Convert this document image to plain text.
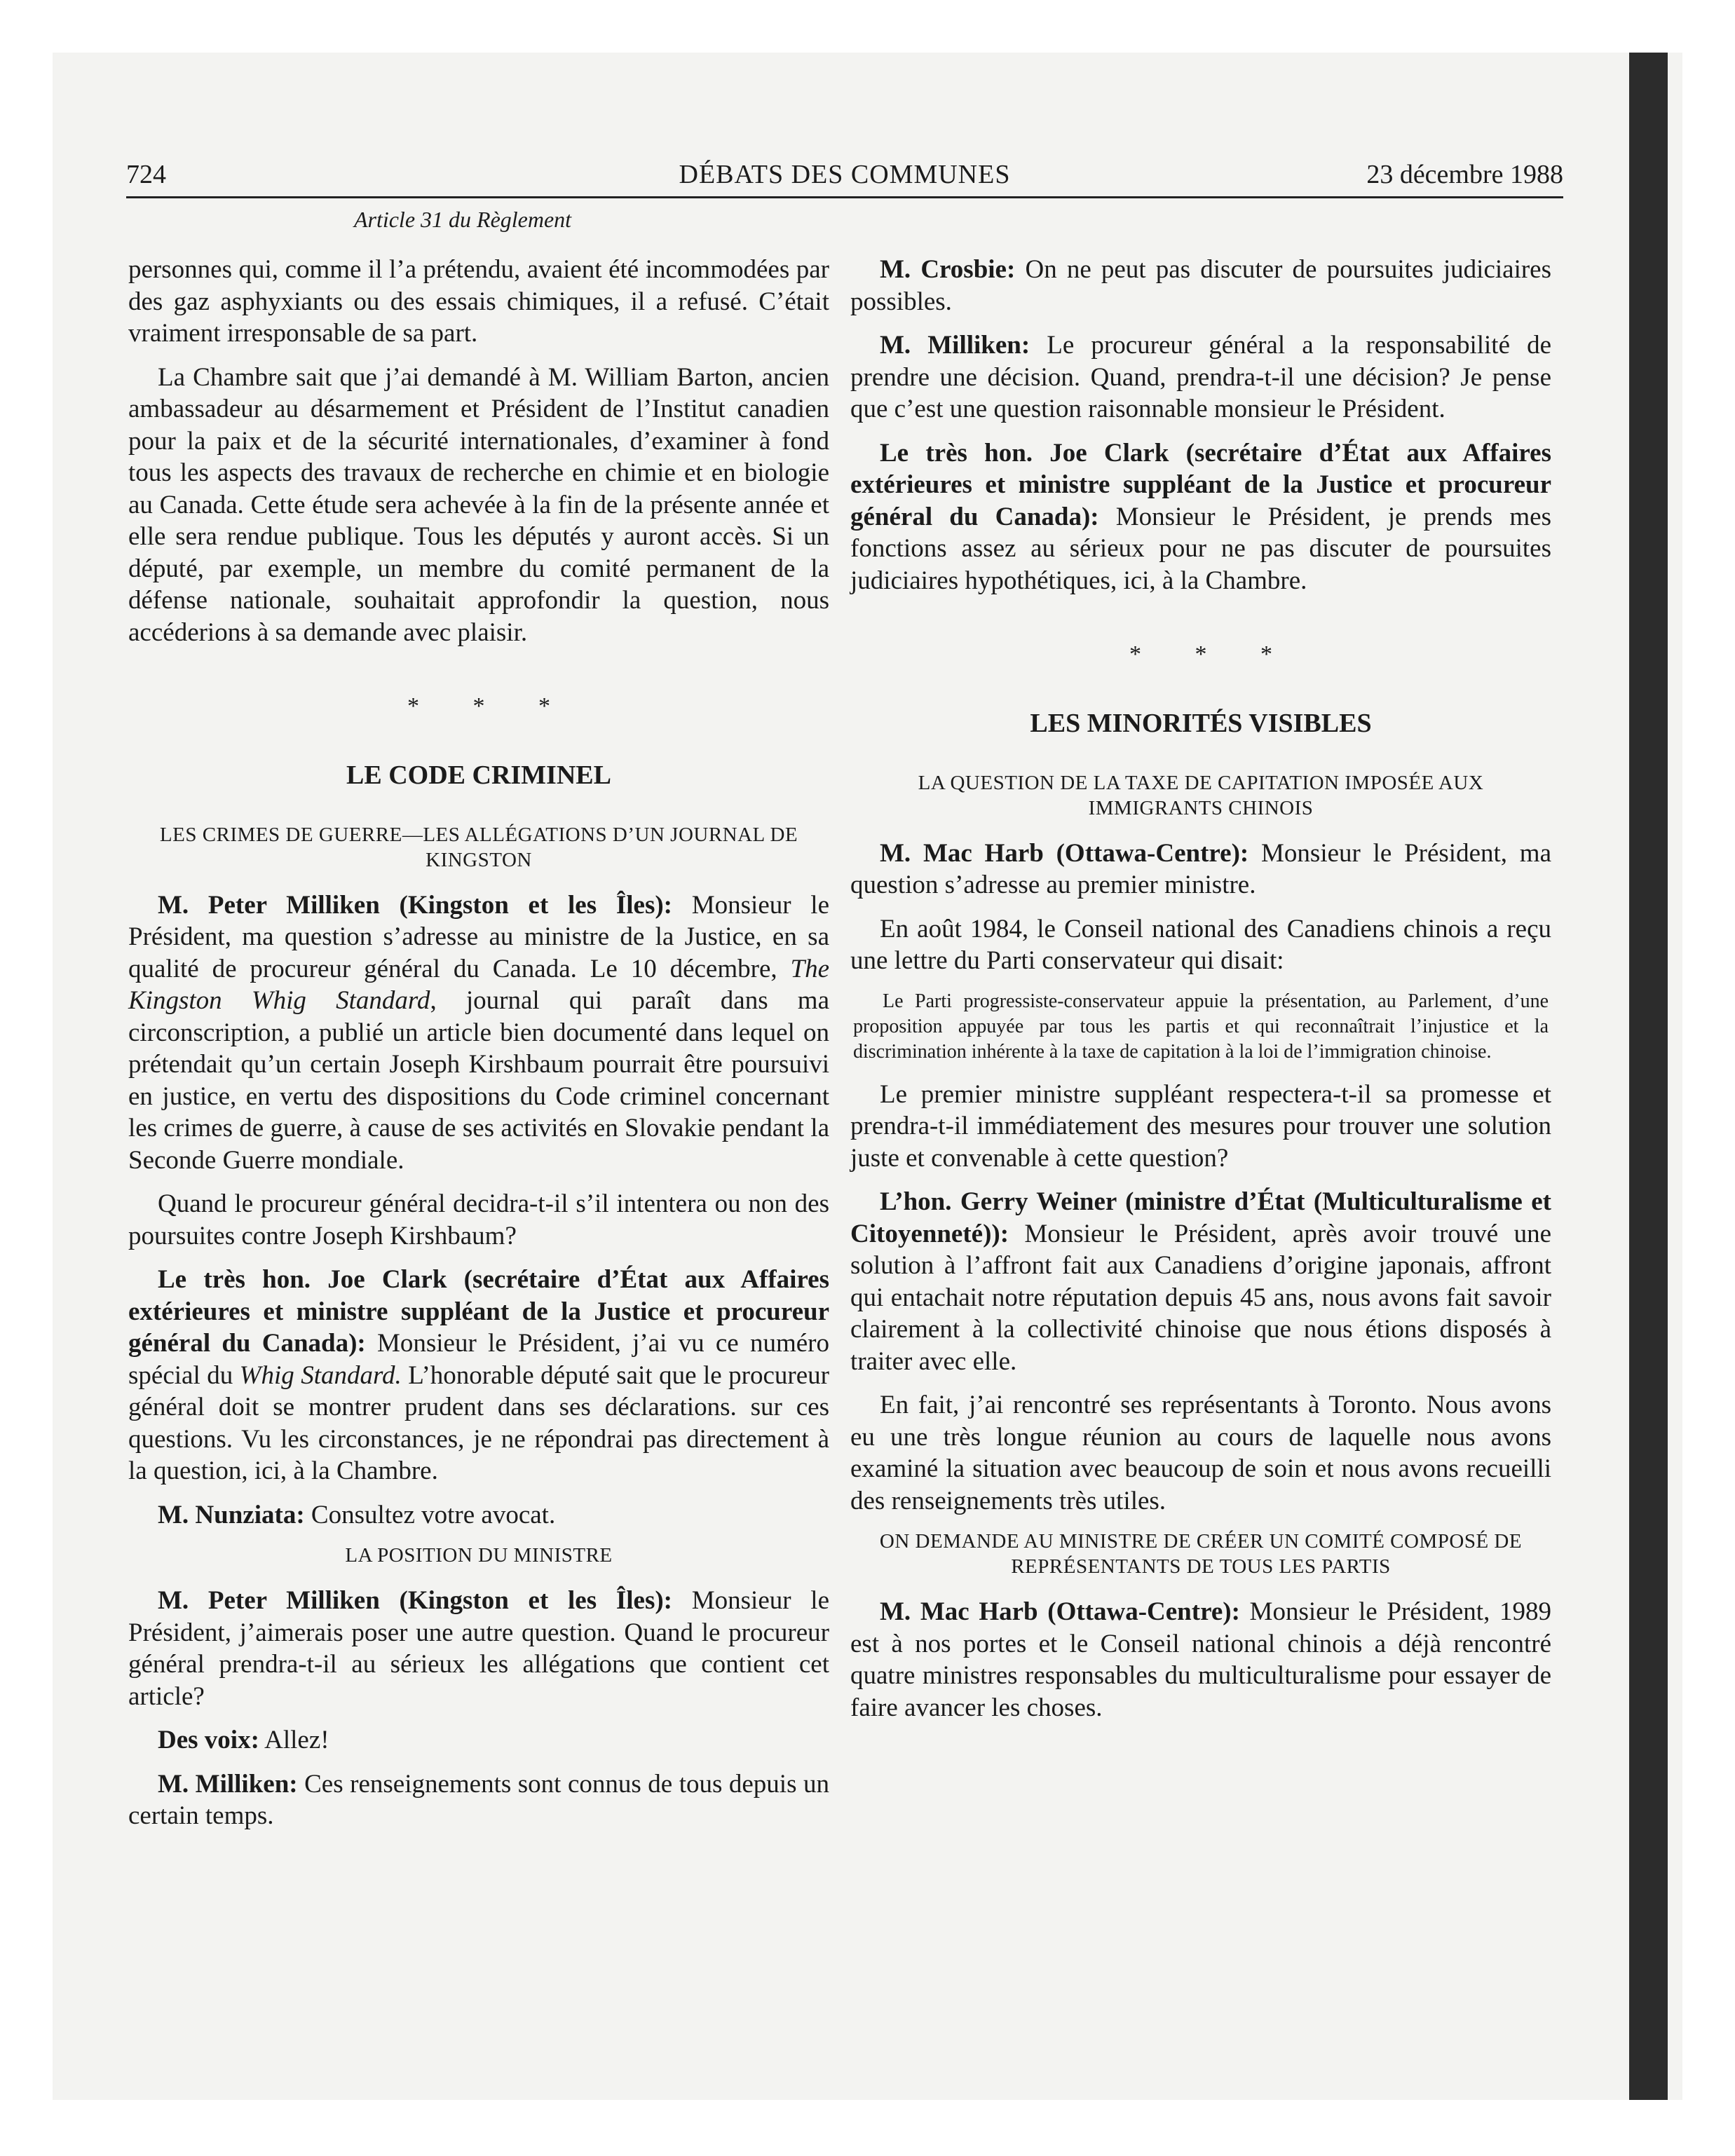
724	DÉBATS DES COMMUNES	23 décembre 1988
Article 31 du Règlement

personnes qui, comme il l’a prétendu, avaient été incommodées par des gaz asphyxiants ou des essais chimiques, il a refusé. C’était vraiment irresponsable de sa part.

La Chambre sait que j’ai demandé à M. William Barton, ancien ambassadeur au désarmement et Président de l’Institut canadien pour la paix et de la sécurité internationales, d’examiner à fond tous les aspects des travaux de recherche en chimie et en biologie au Canada. Cette étude sera achevée à la fin de la présente année et elle sera rendue publique. Tous les députés y auront accès. Si un député, par exemple, un membre du comité permanent de la défense nationale, souhaitait approfondir la question, nous accéderions à sa demande avec plaisir.

* * *
LE CODE CRIMINEL
LES CRIMES DE GUERRE—LES ALLÉGATIONS D’UN JOURNAL DE KINGSTON

M. Peter Milliken (Kingston et les Îles): Monsieur le Président, ma question s’adresse au ministre de la Justice, en sa qualité de procureur général du Canada. Le 10 décembre, The Kingston Whig Standard, journal qui paraît dans ma circonscription, a publié un article bien documenté dans lequel on prétendait qu’un certain Joseph Kirshbaum pourrait être poursuivi en justice, en vertu des dispositions du Code criminel concernant les crimes de guerre, à cause de ses activités en Slovakie pendant la Seconde Guerre mondiale.

Quand le procureur général decidra-t-il s’il intentera ou non des poursuites contre Joseph Kirshbaum?

Le très hon. Joe Clark (secrétaire d’État aux Affaires extérieures et ministre suppléant de la Justice et procureur général du Canada): Monsieur le Président, j’ai vu ce numéro spécial du Whig Standard. L’honorable député sait que le procureur général doit se montrer prudent dans ses déclarations. sur ces questions. Vu les circonstances, je ne répondrai pas directement à la question, ici, à la Chambre.

M. Nunziata: Consultez votre avocat.

LA POSITION DU MINISTRE

M. Peter Milliken (Kingston et les Îles): Monsieur le Président, j’aimerais poser une autre question. Quand le procureur général prendra-t-il au sérieux les allégations que contient cet article?

Des voix: Allez!

M. Milliken: Ces renseignements sont connus de tous depuis un certain temps.

M. Crosbie: On ne peut pas discuter de poursuites judiciaires possibles.

M. Milliken: Le procureur général a la responsabilité de prendre une décision. Quand, prendra-t-il une décision? Je pense que c’est une question raisonnable monsieur le Président.

Le très hon. Joe Clark (secrétaire d’État aux Affaires extérieures et ministre suppléant de la Justice et procureur général du Canada): Monsieur le Président, je prends mes fonctions assez au sérieux pour ne pas discuter de poursuites judiciaires hypothétiques, ici, à la Chambre.

* * *
LES MINORITÉS VISIBLES
LA QUESTION DE LA TAXE DE CAPITATION IMPOSÉE AUX IMMIGRANTS CHINOIS

M. Mac Harb (Ottawa-Centre): Monsieur le Président, ma question s’adresse au premier ministre.

En août 1984, le Conseil national des Canadiens chinois a reçu une lettre du Parti conservateur qui disait:

Le Parti progressiste-conservateur appuie la présentation, au Parlement, d’une proposition appuyée par tous les partis et qui reconnaîtrait l’injustice et la discrimination inhérente à la taxe de capitation à la loi de l’immigration chinoise.

Le premier ministre suppléant respectera-t-il sa promesse et prendra-t-il immédiatement des mesures pour trouver une solution juste et convenable à cette question?

L’hon. Gerry Weiner (ministre d’État (Multiculturalisme et Citoyenneté)): Monsieur le Président, après avoir trouvé une solution à l’affront fait aux Canadiens d’origine japonais, affront qui entachait notre réputation depuis 45 ans, nous avons fait savoir clairement à la collectivité chinoise que nous étions disposés à traiter avec elle.

En fait, j’ai rencontré ses représentants à Toronto. Nous avons eu une très longue réunion au cours de laquelle nous avons examiné la situation avec beaucoup de soin et nous avons recueilli des renseignements très utiles.

ON DEMANDE AU MINISTRE DE CRÉER UN COMITÉ COMPOSÉ DE REPRÉSENTANTS DE TOUS LES PARTIS

M. Mac Harb (Ottawa-Centre): Monsieur le Président, 1989 est à nos portes et le Conseil national chinois a déjà rencontré quatre ministres responsables du multiculturalisme pour essayer de faire avancer les choses.
